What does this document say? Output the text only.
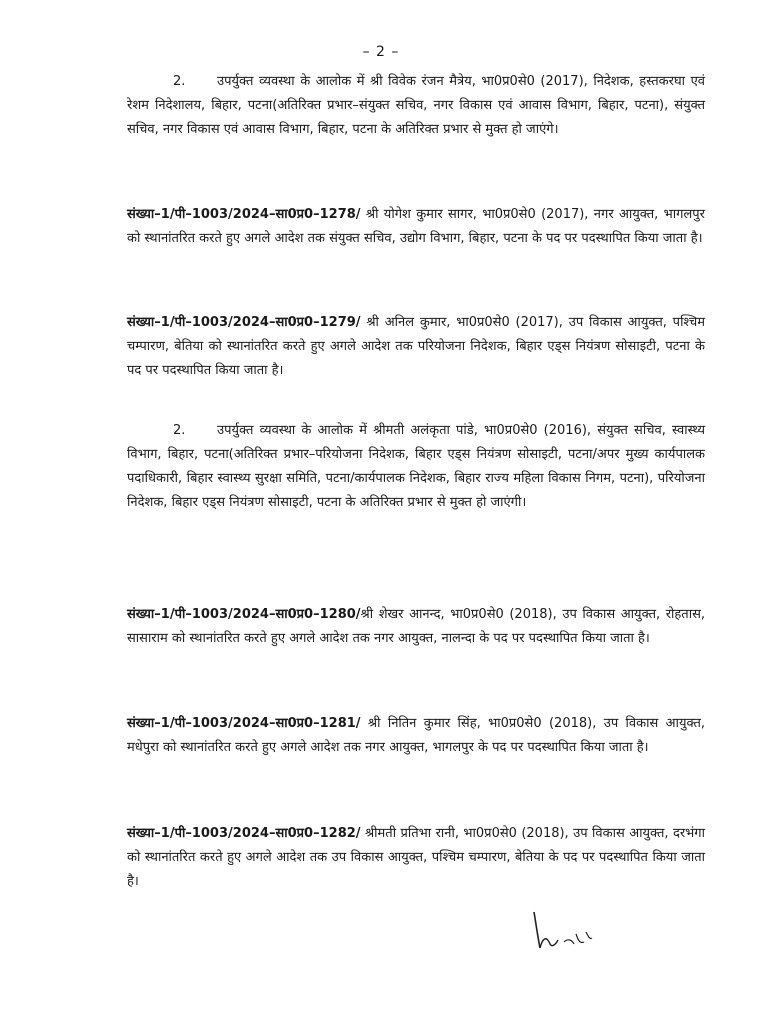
– 2 –
2. उपर्युक्त व्यवस्था के आलोक में श्री विवेक रंजन मैत्रेय, भा0प्र0से0 (2017), निदेशक, हस्तकरघा एवं रेशम निदेशालय, बिहार, पटना(अतिरिक्त प्रभार–संयुक्त सचिव, नगर विकास एवं आवास विभाग, बिहार, पटना), संयुक्त सचिव, नगर विकास एवं आवास विभाग, बिहार, पटना के अतिरिक्त प्रभार से मुक्त हो जाएंगे।
संख्या–1/पी–1003/2024–सा0प्र0–1278/ श्री योगेश कुमार सागर, भा0प्र0से0 (2017), नगर आयुक्त, भागलपुर को स्थानांतरित करते हुए अगले आदेश तक संयुक्त सचिव, उद्योग विभाग, बिहार, पटना के पद पर पदस्थापित किया जाता है।
संख्या–1/पी–1003/2024–सा0प्र0–1279/ श्री अनिल कुमार, भा0प्र0से0 (2017), उप विकास आयुक्त, पश्चिम चम्पारण, बेतिया को स्थानांतरित करते हुए अगले आदेश तक परियोजना निदेशक, बिहार एड्स नियंत्रण सोसाइटी, पटना के पद पर पदस्थापित किया जाता है।
2. उपर्युक्त व्यवस्था के आलोक में श्रीमती अलंकृता पांडे, भा0प्र0से0 (2016), संयुक्त सचिव, स्वास्थ्य विभाग, बिहार, पटना(अतिरिक्त प्रभार–परियोजना निदेशक, बिहार एड्स नियंत्रण सोसाइटी, पटना/अपर मुख्य कार्यपालक पदाधिकारी, बिहार स्वास्थ्य सुरक्षा समिति, पटना/कार्यपालक निदेशक, बिहार राज्य महिला विकास निगम, पटना), परियोजना निदेशक, बिहार एड्स नियंत्रण सोसाइटी, पटना के अतिरिक्त प्रभार से मुक्त हो जाएंगी।
संख्या–1/पी–1003/2024–सा0प्र0–1280/श्री शेखर आनन्द, भा0प्र0से0 (2018), उप विकास आयुक्त, रोहतास, सासाराम को स्थानांतरित करते हुए अगले आदेश तक नगर आयुक्त, नालन्दा के पद पर पदस्थापित किया जाता है।
संख्या–1/पी–1003/2024–सा0प्र0–1281/ श्री नितिन कुमार सिंह, भा0प्र0से0 (2018), उप विकास आयुक्त, मधेपुरा को स्थानांतरित करते हुए अगले आदेश तक नगर आयुक्त, भागलपुर के पद पर पदस्थापित किया जाता है।
संख्या–1/पी–1003/2024–सा0प्र0–1282/ श्रीमती प्रतिभा रानी, भा0प्र0से0 (2018), उप विकास आयुक्त, दरभंगा को स्थानांतरित करते हुए अगले आदेश तक उप विकास आयुक्त, पश्चिम चम्पारण, बेतिया के पद पर पदस्थापित किया जाता है।
